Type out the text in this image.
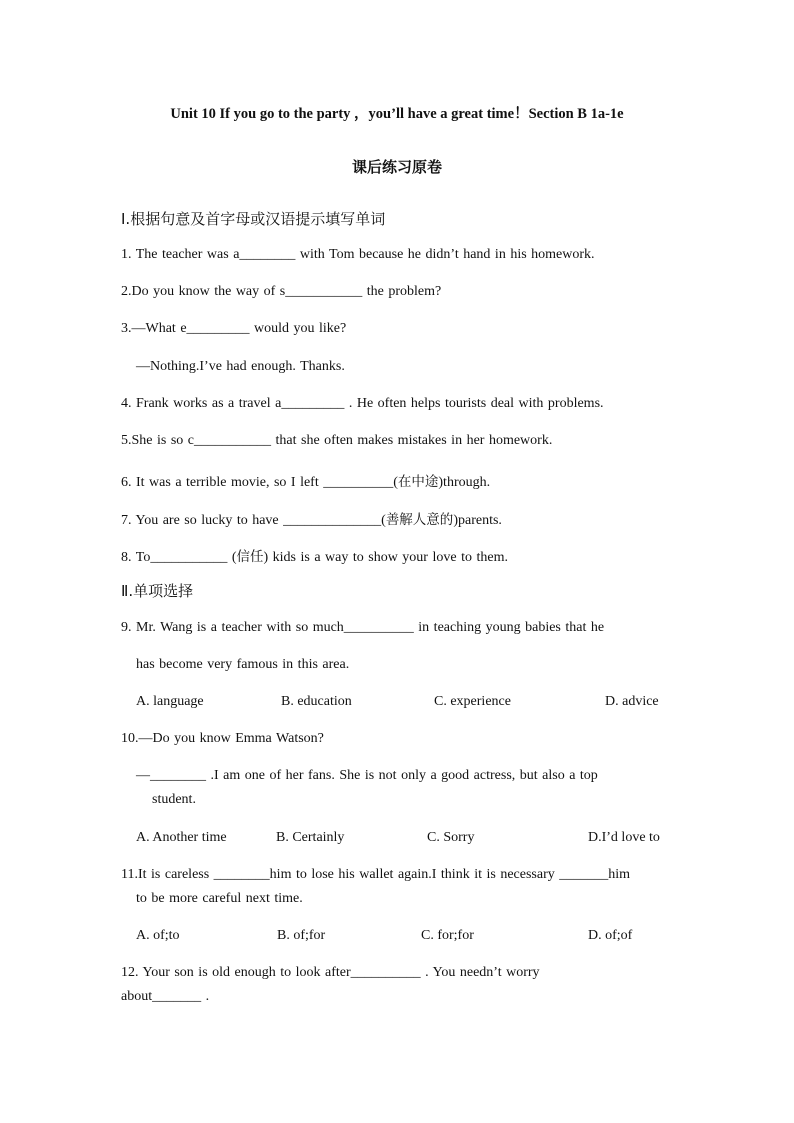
Unit 10 If you go to the party ，you’ll have a great time！Section B 1a-1e
课后练习原卷
Ⅰ.根据句意及首字母或汉语提示填写单词
1. The teacher was a________ with Tom because he didn’t hand in his homework.
2.Do you know the way of s___________ the problem?
3.—What e_________ would you like?
—Nothing.I’ve had enough. Thanks.
4. Frank works as a travel a_________ . He often helps tourists deal with problems.
5.She is so c___________ that she often makes mistakes in her homework.
6. It was a terrible movie, so I left __________(在中途)through.
7. You are so lucky to have ______________(善解人意的)parents.
8. To___________ (信任) kids is a way to show your love to them.
Ⅱ.单项选择
9. Mr. Wang is a teacher with so much__________ in teaching young babies that he
has become very famous in this area.
A. language	B. education	C. experience	D. advice
10.—Do you know Emma Watson?
—________ .I am one of her fans. She is not only a good actress, but also a top
student.
A. Another time	B. Certainly	C. Sorry	D.I’d love to
11.It is careless ________him to lose his wallet again.I think it is necessary _______him
to be more careful next time.
A. of;to	B. of;for	C. for;for	D. of;of
12. Your son is old enough to look after__________ . You needn’t worry
about_______ .
